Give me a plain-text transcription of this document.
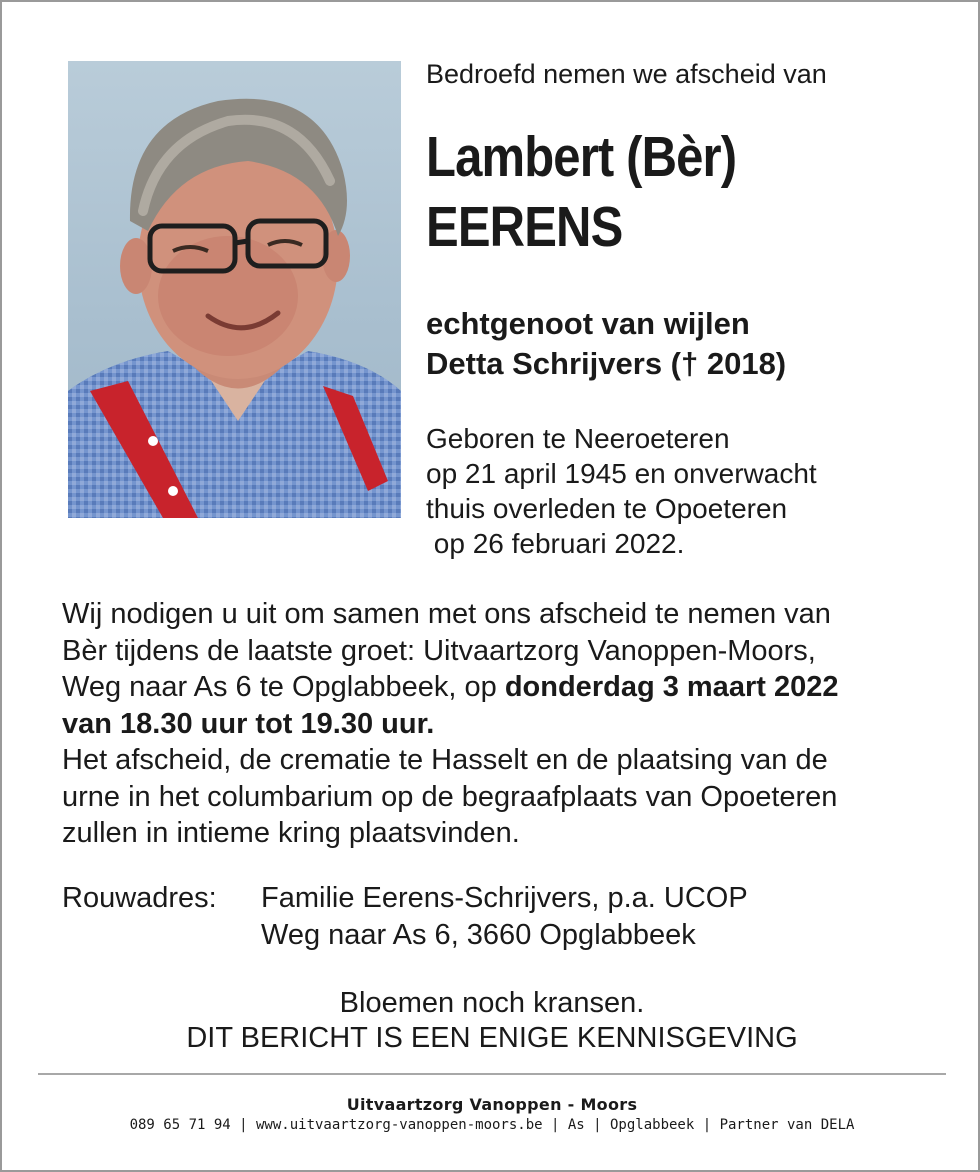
Bedroefd nemen we afscheid van
Lambert (Bèr)
EERENS
echtgenoot van wijlen
Detta Schrijvers († 2018)
Geboren te Neeroeteren
op 21 april 1945 en onverwacht
thuis overleden te Opoeteren
op 26 februari 2022.
Wij nodigen u uit om samen met ons afscheid te nemen van
Bèr tijdens de laatste groet: Uitvaartzorg Vanoppen-Moors,
Weg naar As 6 te Opglabbeek, op donderdag 3 maart 2022
van 18.30 uur tot 19.30 uur.
Het afscheid, de crematie te Hasselt en de plaatsing van de
urne in het columbarium op de begraafplaats van Opoeteren
zullen in intieme kring plaatsvinden.
Rouwadres: Familie Eerens-Schrijvers, p.a. UCOP
Weg naar As 6, 3660 Opglabbeek
Bloemen noch kransen.
DIT BERICHT IS EEN ENIGE KENNISGEVING
Uitvaartzorg Vanoppen - Moors
089 65 71 94 | www.uitvaartzorg-vanoppen-moors.be | As | Opglabbeek | Partner van DELA
